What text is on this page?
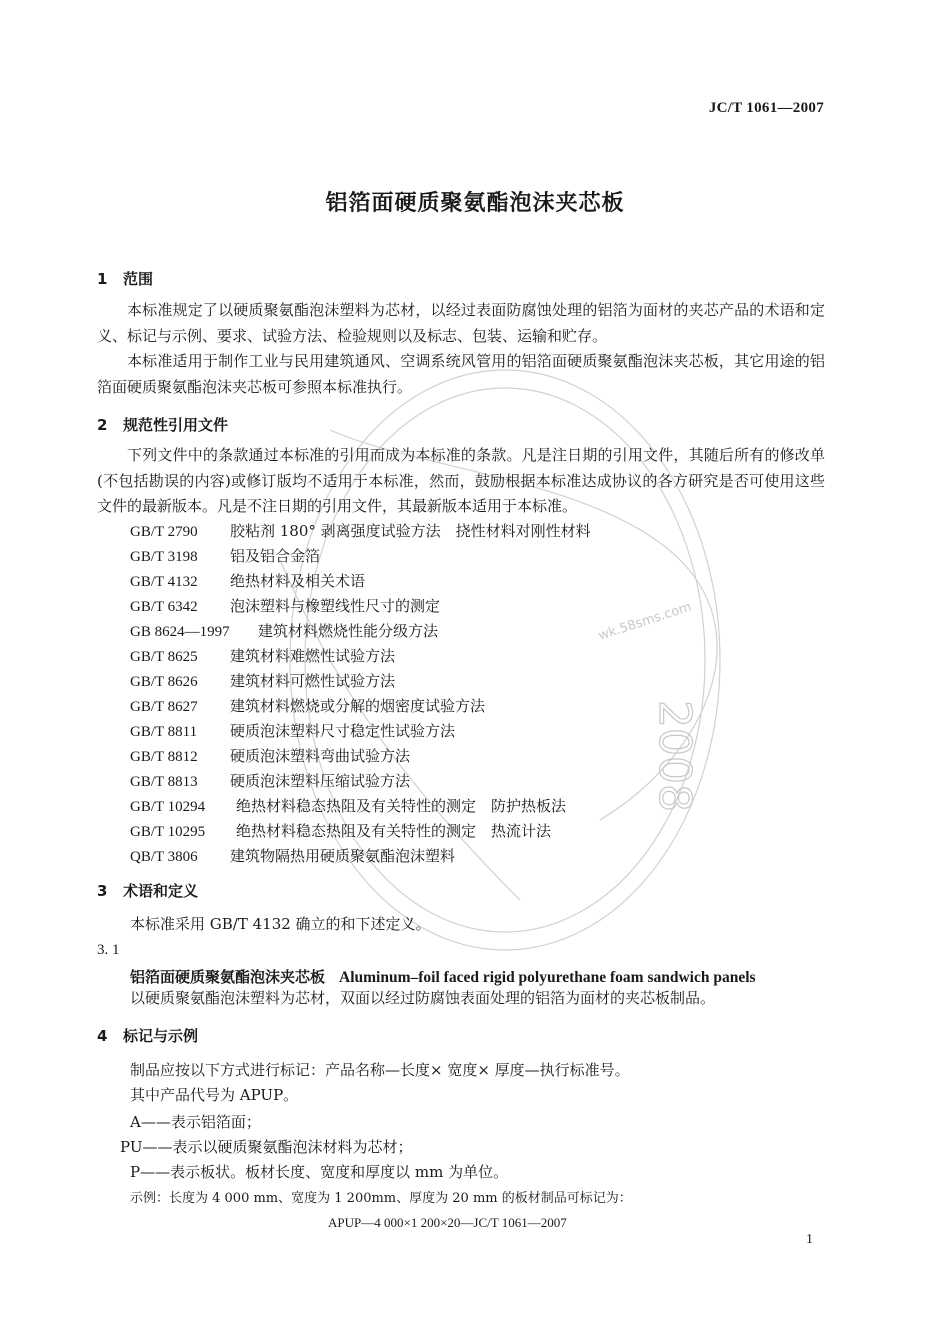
wk.58sms.com
2008
JC/T 1061—2007
铝箔面硬质聚氨酯泡沫夹芯板
1 范围
本标准规定了以硬质聚氨酯泡沫塑料为芯材，以经过表面防腐蚀处理的铝箔为面材的夹芯产品的术语和定义、标记与示例、要求、试验方法、检验规则以及标志、包装、运输和贮存。
本标准适用于制作工业与民用建筑通风、空调系统风管用的铝箔面硬质聚氨酯泡沫夹芯板，其它用途的铝箔面硬质聚氨酯泡沫夹芯板可参照本标准执行。
2 规范性引用文件
下列文件中的条款通过本标准的引用而成为本标准的条款。凡是注日期的引用文件，其随后所有的修改单(不包括勘误的内容)或修订版均不适用于本标准，然而，鼓励根据本标准达成协议的各方研究是否可使用这些文件的最新版本。凡是不注日期的引用文件，其最新版本适用于本标准。
GB/T 2790 胶粘剂 180° 剥离强度试验方法　挠性材料对刚性材料
GB/T 3198 铝及铝合金箔
GB/T 4132 绝热材料及相关术语
GB/T 6342 泡沫塑料与橡塑线性尺寸的测定
GB 8624—1997 建筑材料燃烧性能分级方法
GB/T 8625 建筑材料难燃性试验方法
GB/T 8626 建筑材料可燃性试验方法
GB/T 8627 建筑材料燃烧或分解的烟密度试验方法
GB/T 8811 硬质泡沫塑料尺寸稳定性试验方法
GB/T 8812 硬质泡沫塑料弯曲试验方法
GB/T 8813 硬质泡沫塑料压缩试验方法
GB/T 10294 绝热材料稳态热阻及有关特性的测定　防护热板法
GB/T 10295 绝热材料稳态热阻及有关特性的测定　热流计法
QB/T 3806 建筑物隔热用硬质聚氨酯泡沫塑料
3 术语和定义
本标准采用 GB/T 4132 确立的和下述定义。
3. 1
铝箔面硬质聚氨酯泡沫夹芯板 Aluminum–foil faced rigid polyurethane foam sandwich panels
以硬质聚氨酯泡沫塑料为芯材，双面以经过防腐蚀表面处理的铝箔为面材的夹芯板制品。
4 标记与示例
制品应按以下方式进行标记：产品名称—长度× 宽度× 厚度—执行标准号。
其中产品代号为 APUP。
A——表示铝箔面；
PU——表示以硬质聚氨酯泡沫材料为芯材；
P——表示板状。板材长度、宽度和厚度以 mm 为单位。
示例：长度为 4 000 mm、宽度为 1 200mm、厚度为 20 mm 的板材制品可标记为：
APUP—4 000×1 200×20—JC/T 1061—2007
1
